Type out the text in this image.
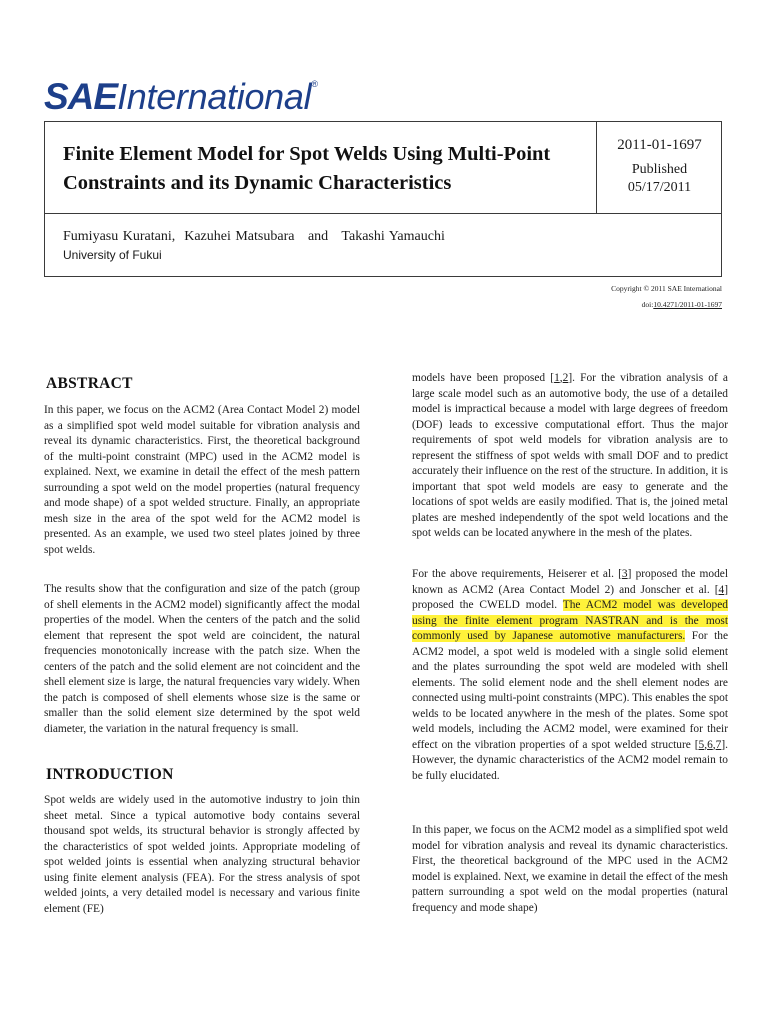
SAEInternational®
Finite Element Model for Spot Welds Using Multi-Point Constraints and its Dynamic Characteristics
2011-01-1697
Published
05/17/2011
Fumiyasu Kuratani,  Kazuhei Matsubara   and   Takashi Yamauchi
University of Fukui
Copyright © 2011 SAE International
doi:10.4271/2011-01-1697
ABSTRACT

In this paper, we focus on the ACM2 (Area Contact Model 2) model as a simplified spot weld model suitable for vibration analysis and reveal its dynamic characteristics. First, the theoretical background of the multi-point constraint (MPC) used in the ACM2 model is explained. Next, we examine in detail the effect of the mesh pattern surrounding a spot weld on the model properties (natural frequency and mode shape) of a spot welded structure. Finally, an appropriate mesh size in the area of the spot weld for the ACM2 model is presented. As an example, we used two steel plates joined by three spot welds.

The results show that the configuration and size of the patch (group of shell elements in the ACM2 model) significantly affect the modal properties of the model. When the centers of the patch and the solid element that represent the spot weld are coincident, the natural frequencies monotonically increase with the patch size. When the centers of the patch and the solid element are not coincident and the shell element size is large, the natural frequencies vary widely. When the patch is composed of shell elements whose size is the same or smaller than the solid element size determined by the spot weld diameter, the variation in the natural frequency is small.

INTRODUCTION

Spot welds are widely used in the automotive industry to join thin sheet metal. Since a typical automotive body contains several thousand spot welds, its structural behavior is strongly affected by the characteristics of spot welded joints. Appropriate modeling of spot welded joints is essential when analyzing structural behavior using finite element analysis (FEA). For the stress analysis of spot welded joints, a very detailed model is necessary and various finite element (FE)

models have been proposed [1,2]. For the vibration analysis of a large scale model such as an automotive body, the use of a detailed model is impractical because a model with large degrees of freedom (DOF) leads to excessive computational effort. Thus the major requirements of spot weld models for vibration analysis are to represent the stiffness of spot welds with small DOF and to predict accurately their influence on the rest of the structure. In addition, it is important that spot weld models are easy to generate and the locations of spot welds are easily modified. That is, the joined metal plates are meshed independently of the spot weld locations and the spot welds can be located anywhere in the mesh of the plates.

For the above requirements, Heiserer et al. [3] proposed the model known as ACM2 (Area Contact Model 2) and Jonscher et al. [4] proposed the CWELD model. The ACM2 model was developed using the finite element program NASTRAN and is the most commonly used by Japanese automotive manufacturers. For the ACM2 model, a spot weld is modeled with a single solid element and the plates surrounding the spot weld are modeled with shell elements. The solid element node and the shell element nodes are connected using multi-point constraints (MPC). This enables the spot welds to be located anywhere in the mesh of the plates. Some spot weld models, including the ACM2 model, were examined for their effect on the vibration properties of a spot welded structure [5,6,7]. However, the dynamic characteristics of the ACM2 model remain to be fully elucidated.

In this paper, we focus on the ACM2 model as a simplified spot weld model for vibration analysis and reveal its dynamic characteristics. First, the theoretical background of the MPC used in the ACM2 model is explained. Next, we examine in detail the effect of the mesh pattern surrounding a spot weld on the modal properties (natural frequency and mode shape)
